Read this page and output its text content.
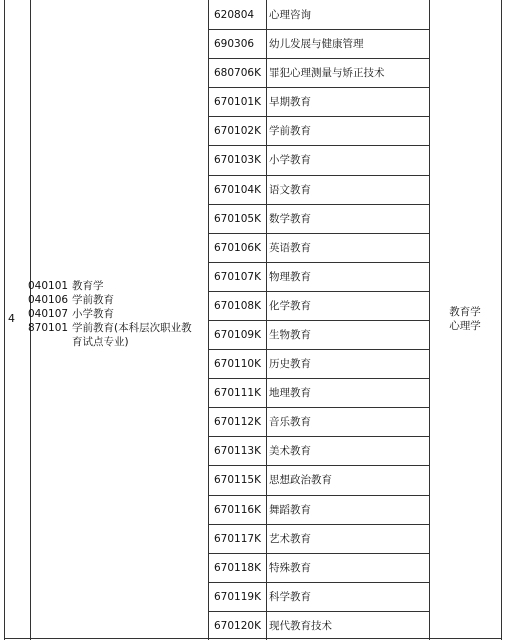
4
040101 教育学
040106 学前教育
040107 小学教育
870101 学前教育(本科层次职业教育试点专业)
教育学
心理学
620804 心理咨询
690306 幼儿发展与健康管理
680706K 罪犯心理测量与矫正技术
670101K 早期教育
670102K 学前教育
670103K 小学教育
670104K 语文教育
670105K 数学教育
670106K 英语教育
670107K 物理教育
670108K 化学教育
670109K 生物教育
670110K 历史教育
670111K 地理教育
670112K 音乐教育
670113K 美术教育
670115K 思想政治教育
670116K 舞蹈教育
670117K 艺术教育
670118K 特殊教育
670119K 科学教育
670120K 现代教育技术
